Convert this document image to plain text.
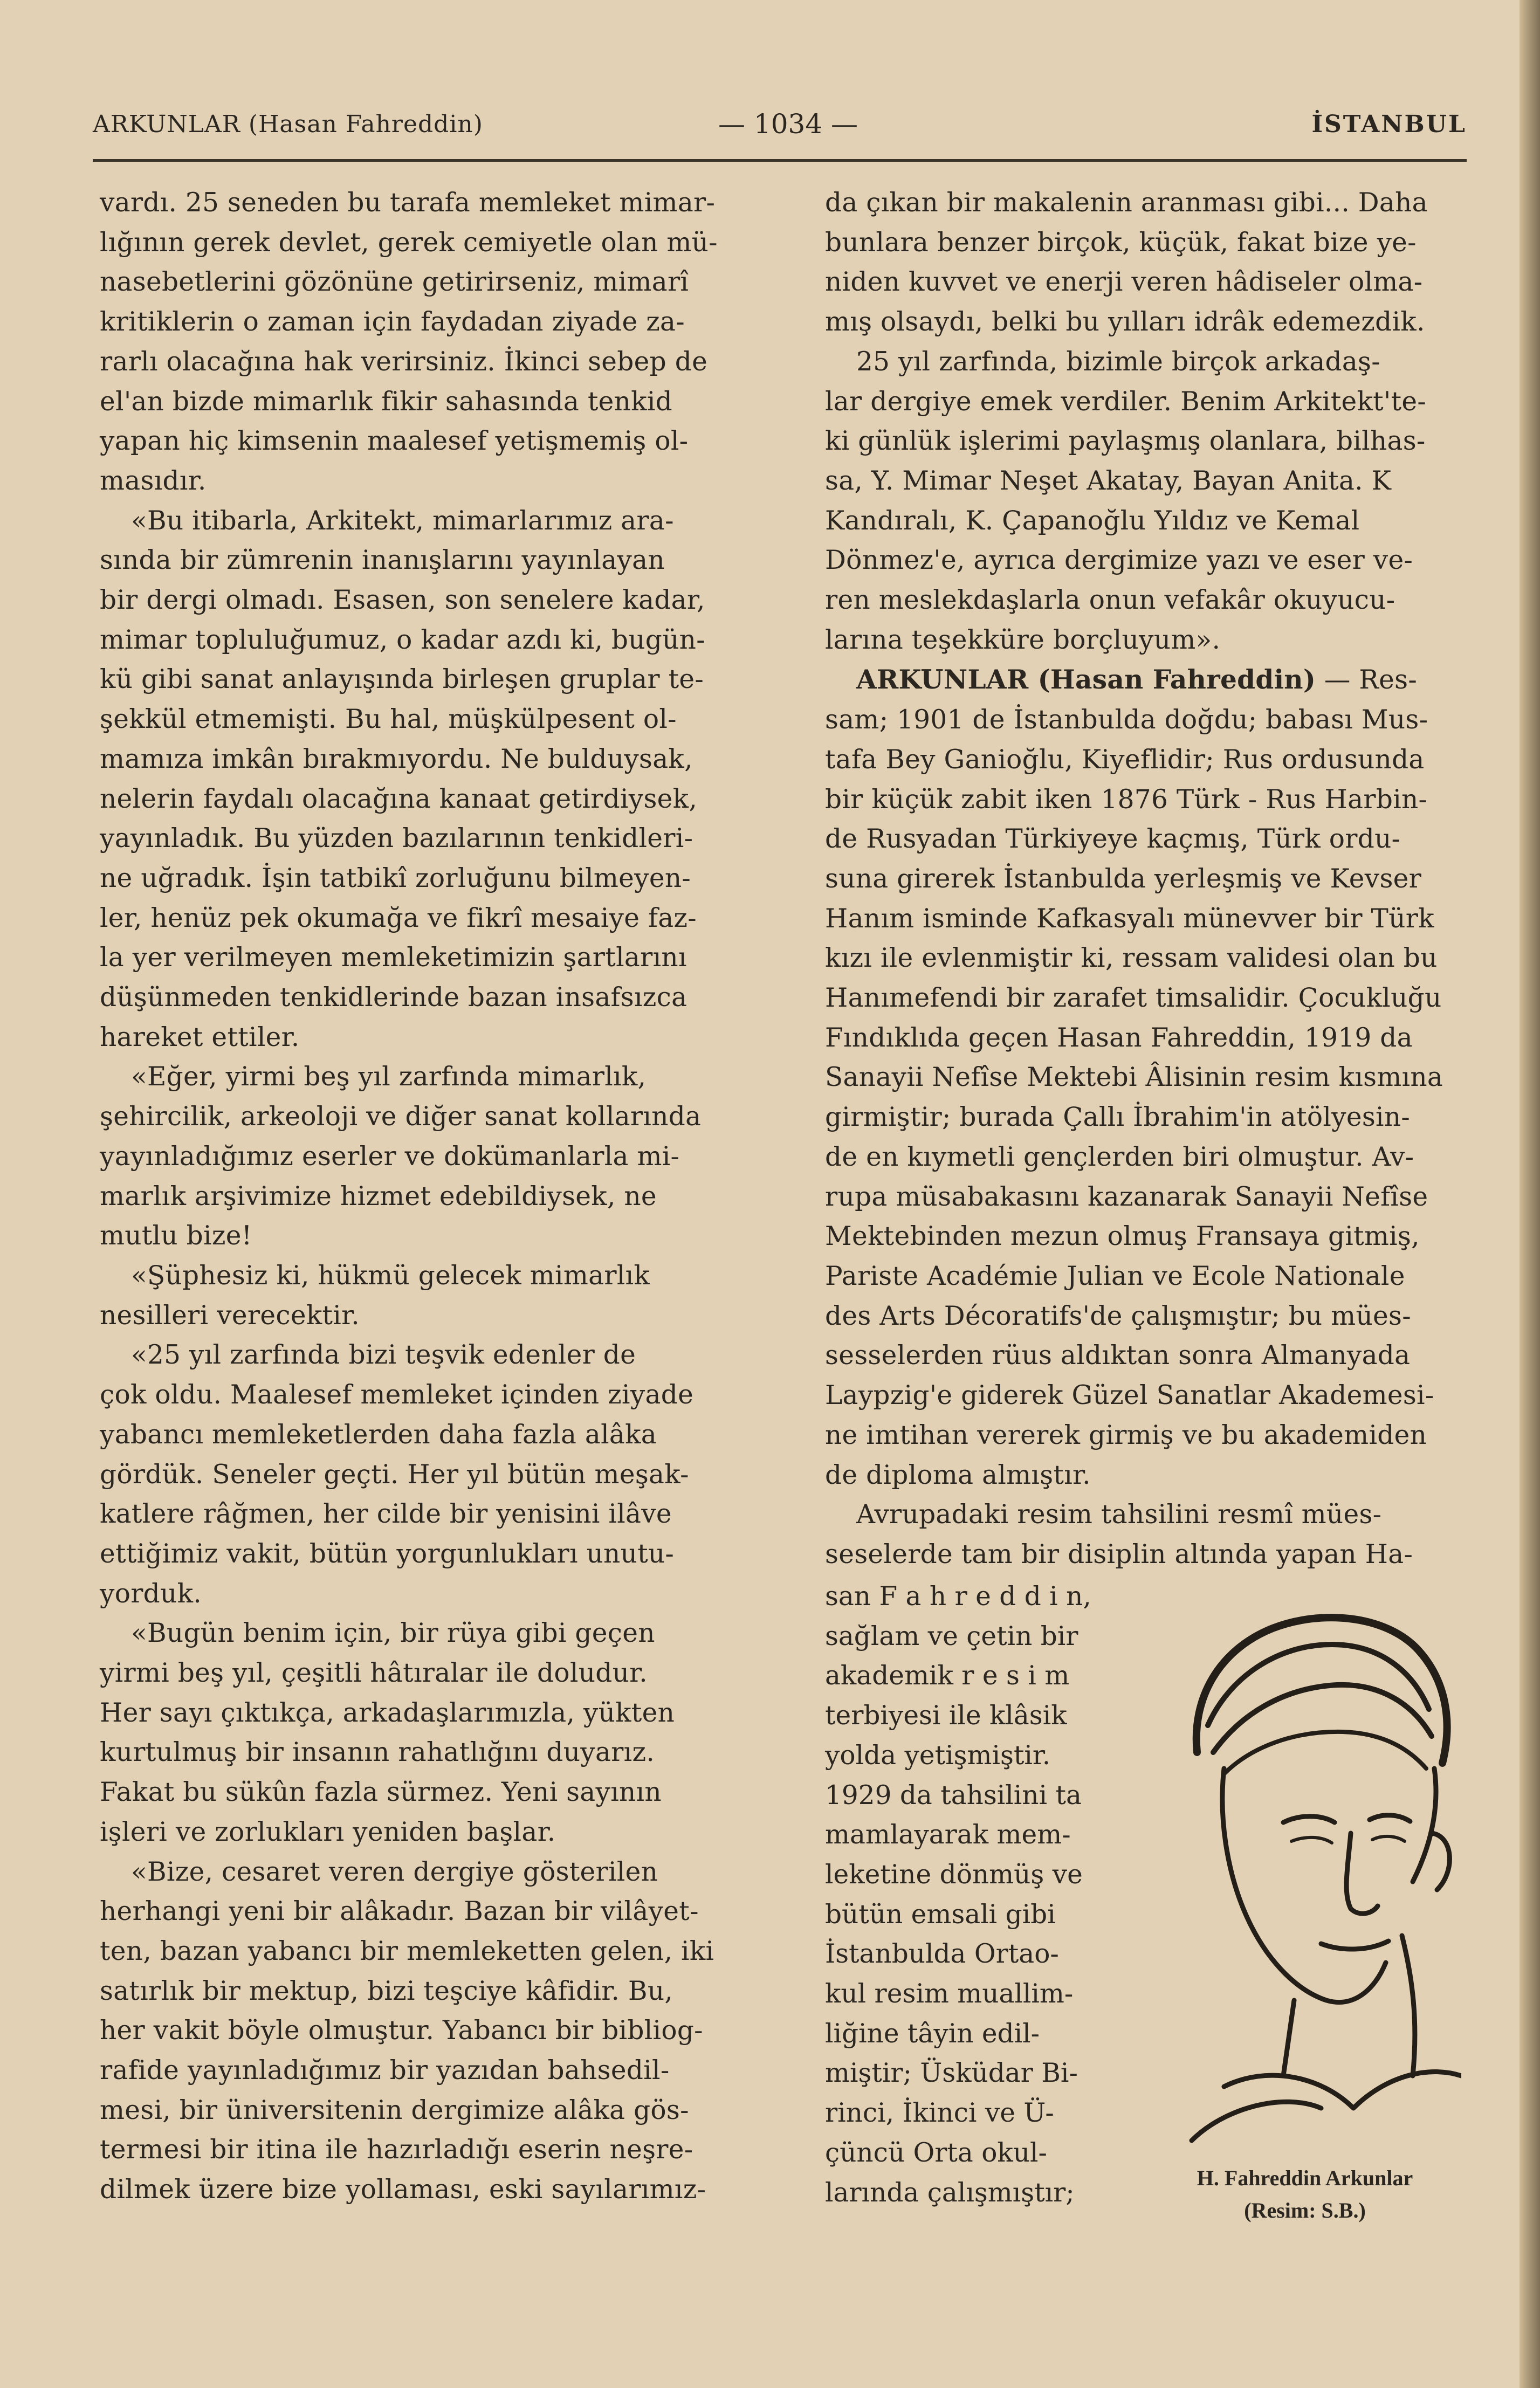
ARKUNLAR (Hasan Fahreddin)	— 1034 —	İSTANBUL

vardı. 25 seneden bu tarafa memleket mimar-
lığının gerek devlet, gerek cemiyetle olan mü-
nasebetlerini gözönüne getirirseniz, mimarî
kritiklerin o zaman için faydadan ziyade za-
rarlı olacağına hak verirsiniz. İkinci sebep de
el'an bizde mimarlık fikir sahasında tenkid
yapan hiç kimsenin maalesef yetişmemiş ol-
masıdır.

«Bu itibarla, Arkitekt, mimarlarımız ara-
sında bir zümrenin inanışlarını yayınlayan
bir dergi olmadı. Esasen, son senelere kadar,
mimar topluluğumuz, o kadar azdı ki, bugün-
kü gibi sanat anlayışında birleşen gruplar te-
şekkül etmemişti. Bu hal, müşkülpesent ol-
mamıza imkân bırakmıyordu. Ne bulduysak,
nelerin faydalı olacağına kanaat getirdiysek,
yayınladık. Bu yüzden bazılarının tenkidleri-
ne uğradık. İşin tatbikî zorluğunu bilmeyen-
ler, henüz pek okumağa ve fikrî mesaiye faz-
la yer verilmeyen memleketimizin şartlarını
düşünmeden tenkidlerinde bazan insafsızca
hareket ettiler.

«Eğer, yirmi beş yıl zarfında mimarlık,
şehircilik, arkeoloji ve diğer sanat kollarında
yayınladığımız eserler ve dokümanlarla mi-
marlık arşivimize hizmet edebildiysek, ne
mutlu bize!

«Şüphesiz ki, hükmü gelecek mimarlık
nesilleri verecektir.

«25 yıl zarfında bizi teşvik edenler de
çok oldu. Maalesef memleket içinden ziyade
yabancı memleketlerden daha fazla alâka
gördük. Seneler geçti. Her yıl bütün meşak-
katlere râğmen, her cilde bir yenisini ilâve
ettiğimiz vakit, bütün yorgunlukları unutu-
yorduk.

«Bugün benim için, bir rüya gibi geçen
yirmi beş yıl, çeşitli hâtıralar ile doludur.
Her sayı çıktıkça, arkadaşlarımızla, yükten
kurtulmuş bir insanın rahatlığını duyarız.
Fakat bu sükûn fazla sürmez. Yeni sayının
işleri ve zorlukları yeniden başlar.

«Bize, cesaret veren dergiye gösterilen
herhangi yeni bir alâkadır. Bazan bir vilâyet-
ten, bazan yabancı bir memleketten gelen, iki
satırlık bir mektup, bizi teşciye kâfidir. Bu,
her vakit böyle olmuştur. Yabancı bir bibliog-
rafide yayınladığımız bir yazıdan bahsedil-
mesi, bir üniversitenin dergimize alâka gös-
termesi bir itina ile hazırladığı eserin neşre-
dilmek üzere bize yollaması, eski sayılarımız-

da çıkan bir makalenin aranması gibi... Daha
bunlara benzer birçok, küçük, fakat bize ye-
niden kuvvet ve enerji veren hâdiseler olma-
mış olsaydı, belki bu yılları idrâk edemezdik.

25 yıl zarfında, bizimle birçok arkadaş-
lar dergiye emek verdiler. Benim Arkitekt'te-
ki günlük işlerimi paylaşmış olanlara, bilhas-
sa, Y. Mimar Neşet Akatay, Bayan Anita. K
Kandıralı, K. Çapanoğlu Yıldız ve Kemal
Dönmez'e, ayrıca dergimize yazı ve eser ve-
ren meslekdaşlarla onun vefakâr okuyucu-
larına teşekküre borçluyum».

ARKUNLAR (Hasan Fahreddin) — Res-
sam; 1901 de İstanbulda doğdu; babası Mus-
tafa Bey Ganioğlu, Kiyeflidir; Rus ordusunda
bir küçük zabit iken 1876 Türk - Rus Harbin-
de Rusyadan Türkiyeye kaçmış, Türk ordu-
suna girerek İstanbulda yerleşmiş ve Kevser
Hanım isminde Kafkasyalı münevver bir Türk
kızı ile evlenmiştir ki, ressam validesi olan bu
Hanımefendi bir zarafet timsalidir. Çocukluğu
Fındıklıda geçen Hasan Fahreddin, 1919 da
Sanayii Nefîse Mektebi Âlisinin resim kısmına
girmiştir; burada Çallı İbrahim'in atölyesin-
de en kıymetli gençlerden biri olmuştur. Av-
rupa müsabakasını kazanarak Sanayii Nefîse
Mektebinden mezun olmuş Fransaya gitmiş,
Pariste Académie Julian ve Ecole Nationale
des Arts Décoratifs'de çalışmıştır; bu mües-
sesselerden rüus aldıktan sonra Almanyada
Laypzig'e giderek Güzel Sanatlar Akademesi-
ne imtihan vererek girmiş ve bu akademiden
de diploma almıştır.

Avrupadaki resim tahsilini resmî mües-
seselerde tam bir disiplin altında yapan Ha-

san F a h r e d d i n,
sağlam ve çetin bir
akademik r e s i m
terbiyesi ile klâsik
yolda yetişmiştir.
1929 da tahsilini ta
mamlayarak mem-
leketine dönmüş ve
bütün emsali gibi
İstanbulda Ortao-
kul resim muallim-
liğine tâyin edil-
miştir; Üsküdar Bi-
rinci, İkinci ve Ü-
çüncü Orta okul-
larında çalışmıştır;	H. Fahreddin Arkunlar
(Resim: S.B.)
